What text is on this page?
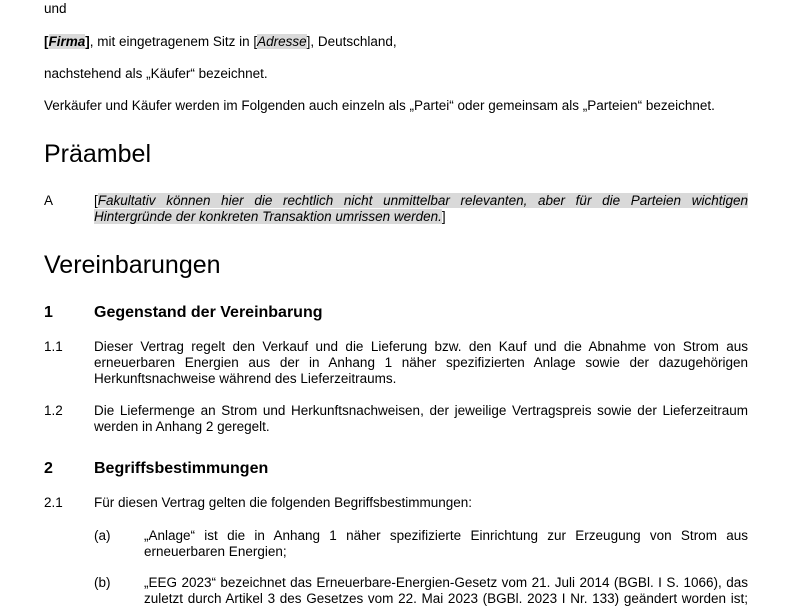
und
[Firma], mit eingetragenem Sitz in [Adresse], Deutschland,
nachstehend als „Käufer“ bezeichnet.
Verkäufer und Käufer werden im Folgenden auch einzeln als „Partei“ oder gemeinsam als „Parteien“ bezeichnet.
Präambel
A	[Fakultativ können hier die rechtlich nicht unmittelbar relevanten, aber für die Parteien wichtigen
Hintergründe der konkreten Transaktion umrissen werden.]
Vereinbarungen
1	Gegenstand der Vereinbarung
1.1 Dieser Vertrag regelt den Verkauf und die Lieferung bzw. den Kauf und die Abnahme von Strom aus
erneuerbaren Energien aus der in Anhang 1 näher spezifizierten Anlage sowie der dazugehörigen
Herkunftsnachweise während des Lieferzeitraums.
1.2 Die Liefermenge an Strom und Herkunftsnachweisen, der jeweilige Vertragspreis sowie der Lieferzeitraum
werden in Anhang 2 geregelt.
2	Begriffsbestimmungen
2.1 Für diesen Vertrag gelten die folgenden Begriffsbestimmungen:
(a) „Anlage“ ist die in Anhang 1 näher spezifizierte Einrichtung zur Erzeugung von Strom aus
erneuerbaren Energien;
(b) „EEG 2023“ bezeichnet das Erneuerbare-Energien-Gesetz vom 21. Juli 2014 (BGBl. I S. 1066), das
zuletzt durch Artikel 3 des Gesetzes vom 22. Mai 2023 (BGBl. 2023 I Nr. 133) geändert worden ist;
